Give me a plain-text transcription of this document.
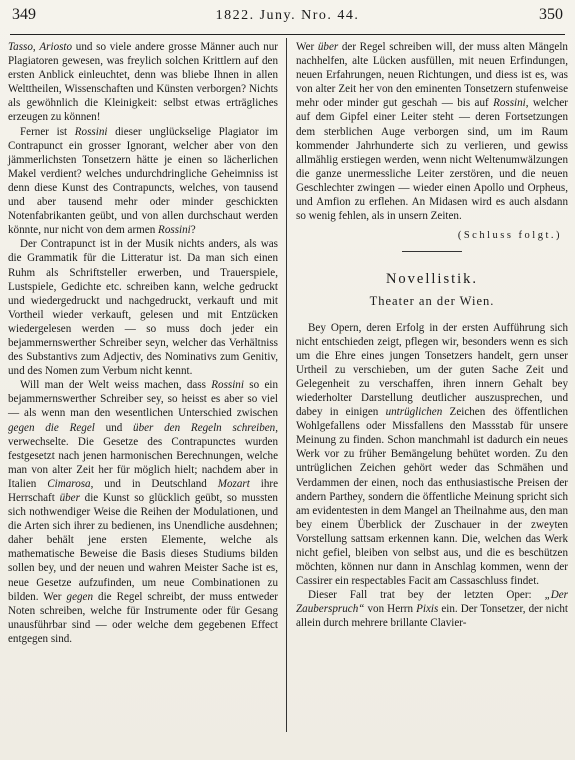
349	1822. Juny. Nro. 44.	350

Tasso, Ariosto und so viele andere grosse Männer auch nur Plagiatoren gewesen, was freylich solchen Krittlern auf den ersten Anblick einleuchtet, denn was bliebe Ihnen in allen Welttheilen, Wissenschaften und Künsten verborgen? Nichts als gewöhnlich die Kleinigkeit: selbst etwas erträgliches erzeugen zu können!

Ferner ist Rossini dieser unglückselige Plagiator im Contrapunct ein grosser Ignorant, welcher aber von den jämmerlichsten Tonsetzern hätte je einen so lächerlichen Makel verdient? welches undurchdringliche Geheimniss ist denn diese Kunst des Contrapuncts, welches, von tausend und aber tausend mehr oder minder geschickten Notenfabrikanten geübt, und von allen durchschaut werden könnte, nur nicht von dem armen Rossini?

Der Contrapunct ist in der Musik nichts anders, als was die Grammatik für die Litteratur ist. Da man sich einen Ruhm als Schriftsteller erwerben, und Trauerspiele, Lustspiele, Gedichte etc. schreiben kann, welche gedruckt und wiedergedruckt und nachgedruckt, verkauft und mit Vortheil wieder verkauft, gelesen und mit Entzücken wiedergelesen werden — so muss doch jeder ein bejammernswerther Schreiber seyn, welcher das Verhältniss des Substantivs zum Adjectiv, des Nominativs zum Genitiv, und des Nomen zum Verbum nicht kennt.

Will man der Welt weiss machen, dass Rossini so ein bejammernswerther Schreiber sey, so heisst es aber so viel — als wenn man den wesentlichen Unterschied zwischen gegen die Regel und über den Regeln schreiben, verwechselte. Die Gesetze des Contrapunctes wurden festgesetzt nach jenen harmonischen Berechnungen, welche man von alter Zeit her für möglich hielt; nachdem aber in Italien Cimarosa, und in Deutschland Mozart ihre Herrschaft über die Kunst so glücklich geübt, so mussten sich nothwendiger Weise die Reihen der Modulationen, und die Arten sich ihrer zu bedienen, ins Unendliche ausdehnen; daher behält jene ersten Elemente, welche als mathematische Beweise die Basis dieses Studiums bilden sollen bey, und der neuen und wahren Meister Sache ist es, neue Gesetze aufzufinden, um neue Combinationen zu bilden. Wer gegen die Regel schreibt, der muss entweder Noten schreiben, welche für Instrumente oder für Gesang unausführbar sind — oder welche dem gegebenen Effect entgegen sind.

Wer über der Regel schreiben will, der muss alten Mängeln nachhelfen, alte Lücken ausfüllen, mit neuen Erfindungen, neuen Erfahrungen, neuen Richtungen, und diess ist es, was von alter Zeit her von den eminenten Tonsetzern stufenweise mehr oder minder gut geschah — bis auf Rossini, welcher auf dem Gipfel einer Leiter steht — deren Fortsetzungen dem sterblichen Auge verborgen sind, um im Raum kommender Jahrhunderte sich zu verlieren, und gewiss allmählig erstiegen werden, wenn nicht Weltenumwälzungen die ganze unermessliche Leiter zerstören, und die neuen Geschlechter zwingen — wieder einen Apollo und Orpheus, und Amfion zu erflehen. An Midasen wird es auch alsdann so wenig fehlen, als in unsern Zeiten.

(Schluss folgt.)

Novellistik.

Theater an der Wien.

Bey Opern, deren Erfolg in der ersten Aufführung sich nicht entschieden zeigt, pflegen wir, besonders wenn es sich um die Ehre eines jungen Tonsetzers handelt, gern unser Urtheil zu verschieben, um der guten Sache Zeit und Gelegenheit zu verschaffen, ihren innern Gehalt bey wiederholter Darstellung deutlicher auszusprechen, und dabey in einigen untrüglichen Zeichen des öffentlichen Wohlgefallens oder Missfallens den Massstab für unsere Meinung zu finden. Schon manchmahl ist dadurch ein neues Werk vor zu früher Bemängelung behütet worden. Zu den untrüglichen Zeichen gehört weder das Schmähen und Verdammen der einen, noch das enthusiastische Preisen der andern Parthey, sondern die öffentliche Meinung spricht sich am evidentesten in dem Mangel an Theilnahme aus, den man bey einem Überblick der Zuschauer in der zweyten Vorstellung sattsam erkennen kann. Die, welchen das Werk nicht gefiel, bleiben von selbst aus, und die es beschützen möchten, können nur dann in Anschlag kommen, wenn der Cassirer ein respectables Facit am Cassaschluss findet.

Dieser Fall trat bey der letzten Oper: „Der Zauberspruch“ von Herrn Pixis ein. Der Tonsetzer, der nicht allein durch mehrere brillante Clavier-
